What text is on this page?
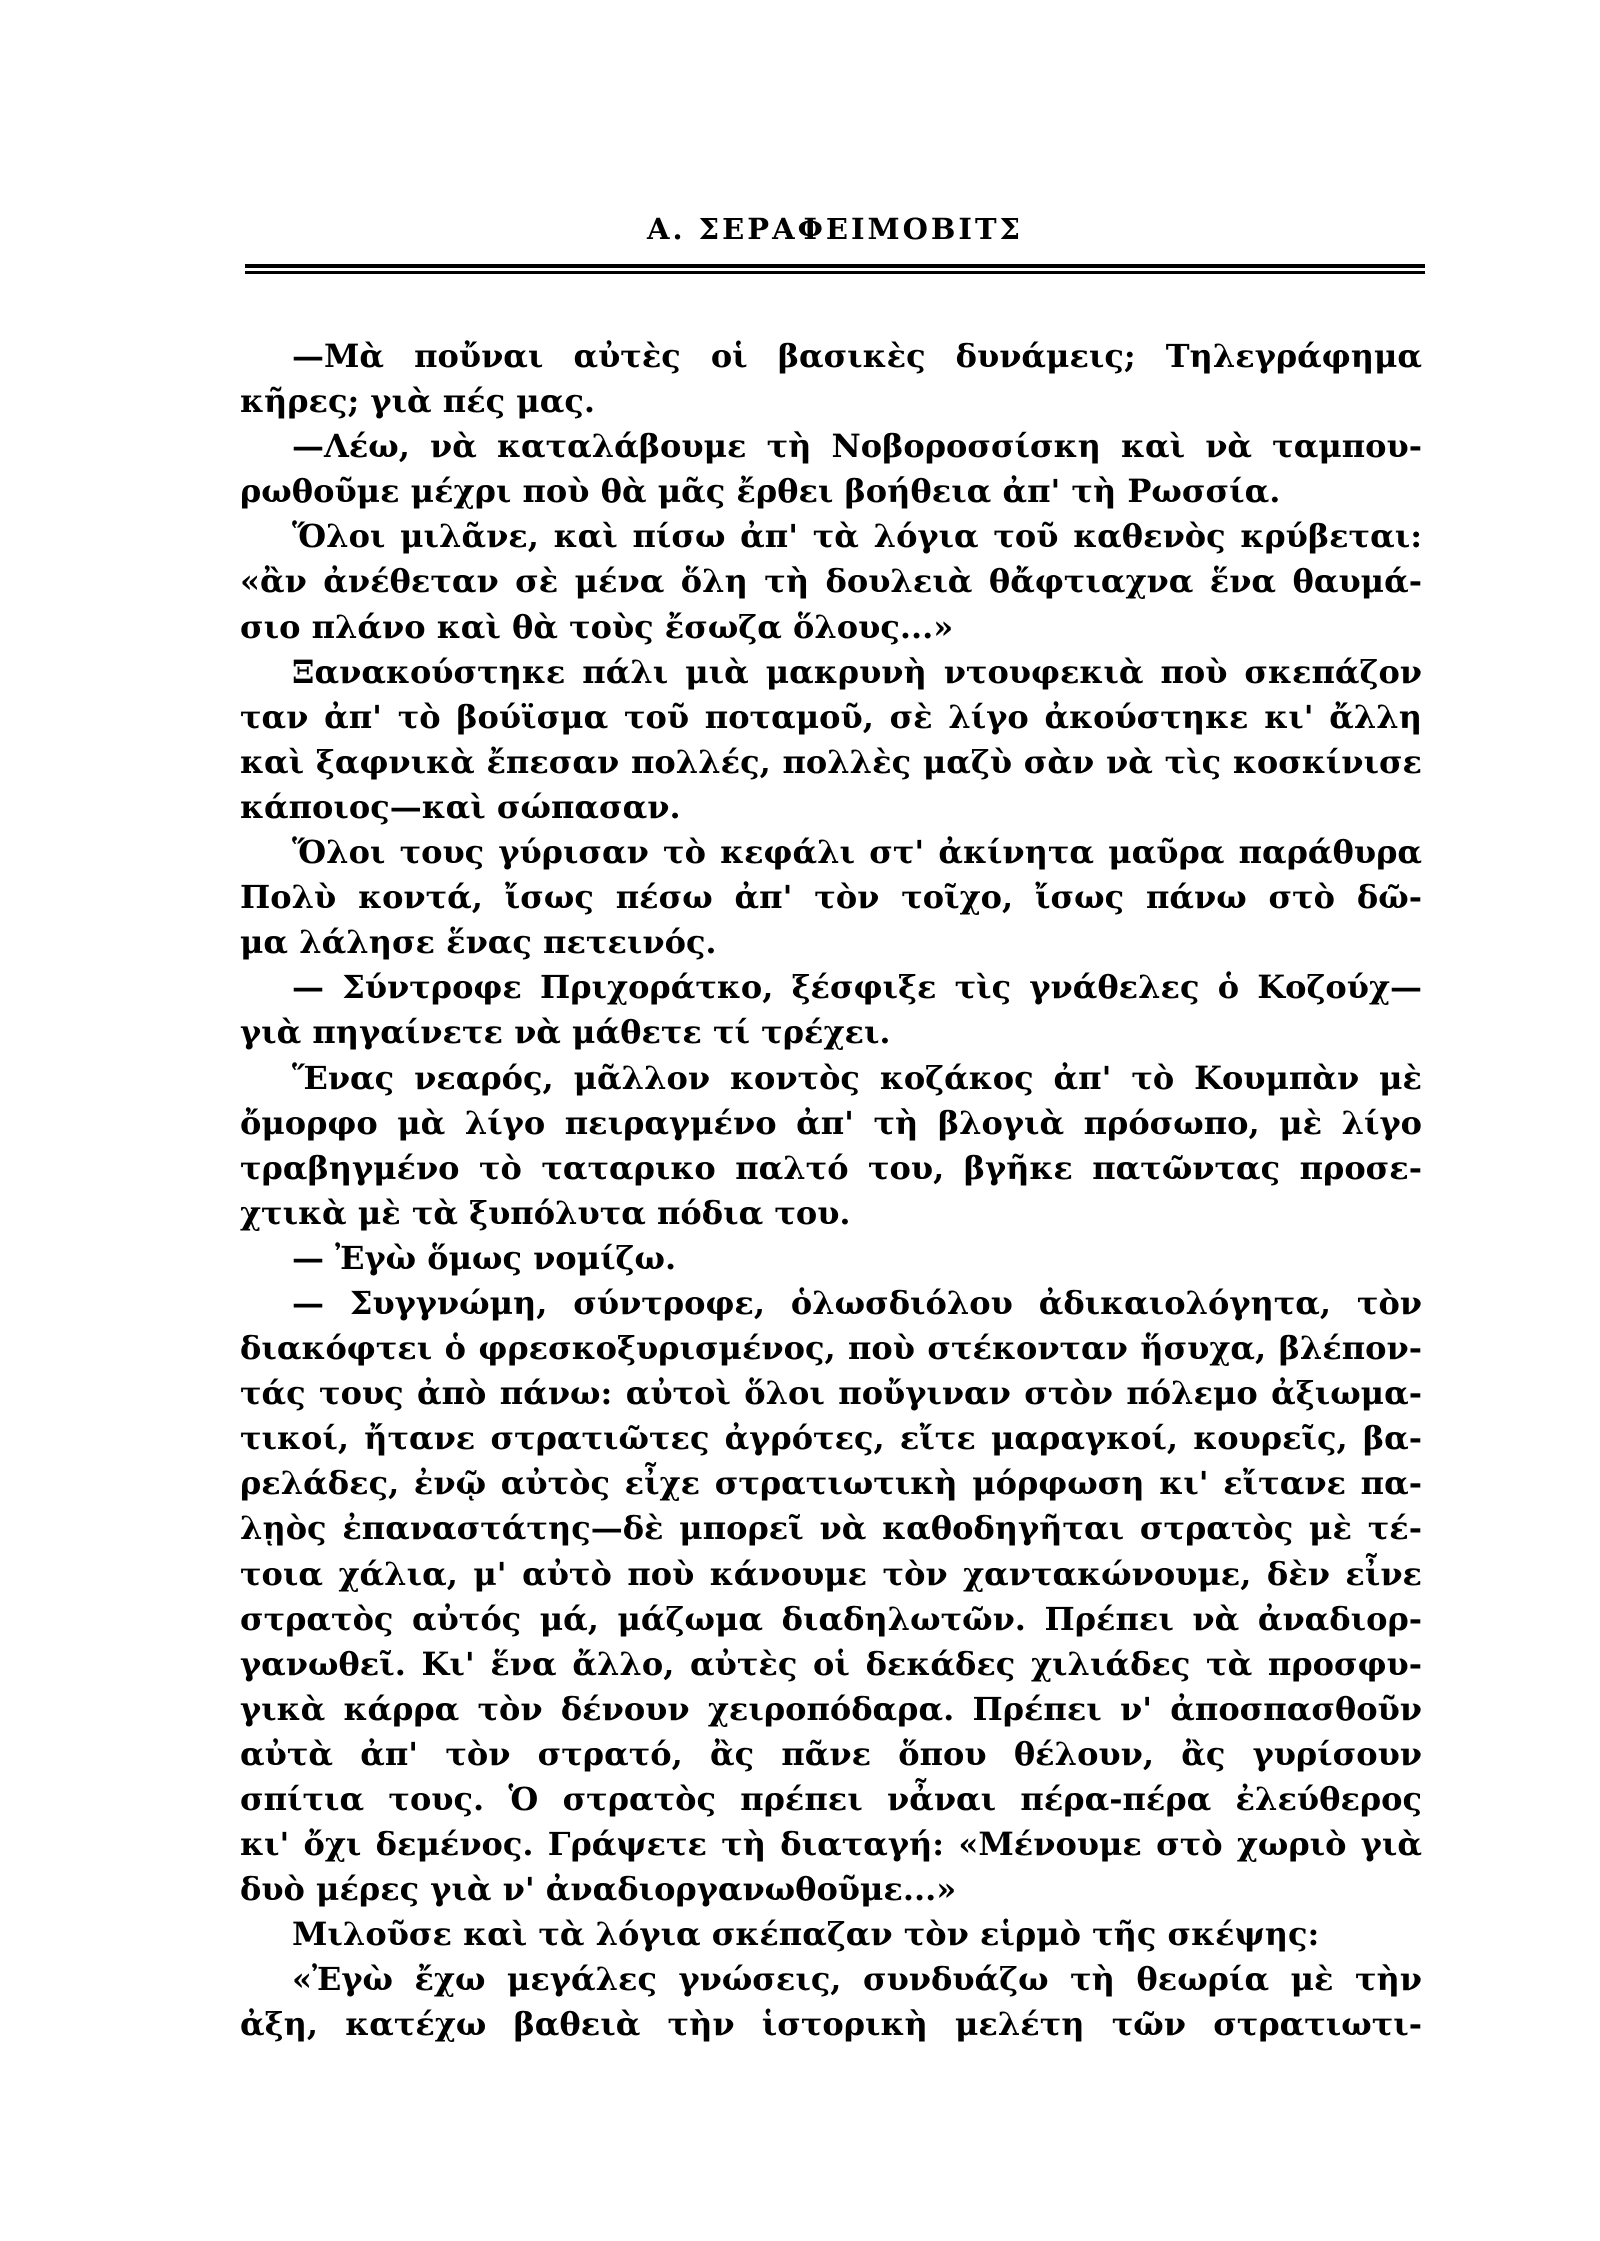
Α. ΣΕΡΑΦΕΙΜΟΒΙΤΣ
—Μὰ ποὔναι αὐτὲς οἱ βασικὲς δυνάμεις; Τηλεγράφημα
κῆρες; γιὰ πές μας.
—Λέω, νὰ καταλάβουμε τὴ Νοβοροσσίσκη καὶ νὰ ταμπου-
ρωθοῦμε μέχρι ποὺ θὰ μᾶς ἔρθει βοήθεια ἀπ' τὴ Ρωσσία.
Ὅλοι μιλᾶνε, καὶ πίσω ἀπ' τὰ λόγια τοῦ καθενὸς κρύβεται:
«ἂν ἀνέθεταν σὲ μένα ὅλη τὴ δουλειὰ θἄφτιαχνα ἕνα θαυμά-
σιο πλάνο καὶ θὰ τοὺς ἔσωζα ὅλους...»
Ξανακούστηκε πάλι μιὰ μακρυνὴ ντουφεκιὰ ποὺ σκεπάζον
ταν ἀπ' τὸ βούϊσμα τοῦ ποταμοῦ, σὲ λίγο ἀκούστηκε κι' ἄλλη
καὶ ξαφνικὰ ἔπεσαν πολλές, πολλὲς μαζὺ σὰν νὰ τὶς κοσκίνισε
κάποιος—καὶ σώπασαν.
Ὅλοι τους γύρισαν τὸ κεφάλι στ' ἀκίνητα μαῦρα παράθυρα
Πολὺ κοντά, ἴσως πέσω ἀπ' τὸν τοῖχο, ἴσως πάνω στὸ δῶ-
μα λάλησε ἕνας πετεινός.
— Σύντροφε Πριχοράτκο, ξέσφιξε τὶς γνάθελες ὁ Κοζούχ—
γιὰ πηγαίνετε νὰ μάθετε τί τρέχει.
Ἕνας νεαρός, μᾶλλον κοντὸς κοζάκος ἀπ' τὸ Κουμπὰν μὲ
ὄμορφο μὰ λίγο πειραγμένο ἀπ' τὴ βλογιὰ πρόσωπο, μὲ λίγο
τραβηγμένο τὸ ταταρικο παλτό του, βγῆκε πατῶντας προσε-
χτικὰ μὲ τὰ ξυπόλυτα πόδια του.
— Ἐγὼ ὅμως νομίζω.
— Συγγνώμη, σύντροφε, ὁλωσδιόλου ἀδικαιολόγητα, τὸν
διακόφτει ὁ φρεσκοξυρισμένος, ποὺ στέκονταν ἥσυχα, βλέπον-
τάς τους ἀπὸ πάνω: αὐτοὶ ὅλοι ποὔγιναν στὸν πόλεμο ἀξιωμα-
τικοί, ἤτανε στρατιῶτες ἀγρότες, εἴτε μαραγκοί, κουρεῖς, βα-
ρελάδες, ἐνῷ αὐτὸς εἶχε στρατιωτικὴ μόρφωση κι' εἴτανε πα-
λῃὸς ἐπαναστάτης—δὲ μπορεῖ νὰ καθοδηγῆται στρατὸς μὲ τέ-
τοια χάλια, μ' αὐτὸ ποὺ κάνουμε τὸν χαντακώνουμε, δὲν εἶνε
στρατὸς αὐτός μά, μάζωμα διαδηλωτῶν. Πρέπει νὰ ἀναδιορ-
γανωθεῖ. Κι' ἕνα ἄλλο, αὐτὲς οἱ δεκάδες χιλιάδες τὰ προσφυ-
γικὰ κάρρα τὸν δένουν χειροπόδαρα. Πρέπει ν' ἀποσπασθοῦν
αὐτὰ ἀπ' τὸν στρατό, ἂς πᾶνε ὅπου θέλουν, ἂς γυρίσουν
σπίτια τους. Ὁ στρατὸς πρέπει νἆναι πέρα-πέρα ἐλεύθερος
κι' ὄχι δεμένος. Γράψετε τὴ διαταγή: «Μένουμε στὸ χωριὸ γιὰ
δυὸ μέρες γιὰ ν' ἀναδιοργανωθοῦμε...»
Μιλοῦσε καὶ τὰ λόγια σκέπαζαν τὸν εἱρμὸ τῆς σκέψης:
«Ἐγὼ ἔχω μεγάλες γνώσεις, συνδυάζω τὴ θεωρία μὲ τὴν
ἀξη, κατέχω βαθειὰ τὴν ἱστορικὴ μελέτη τῶν στρατιωτι-
